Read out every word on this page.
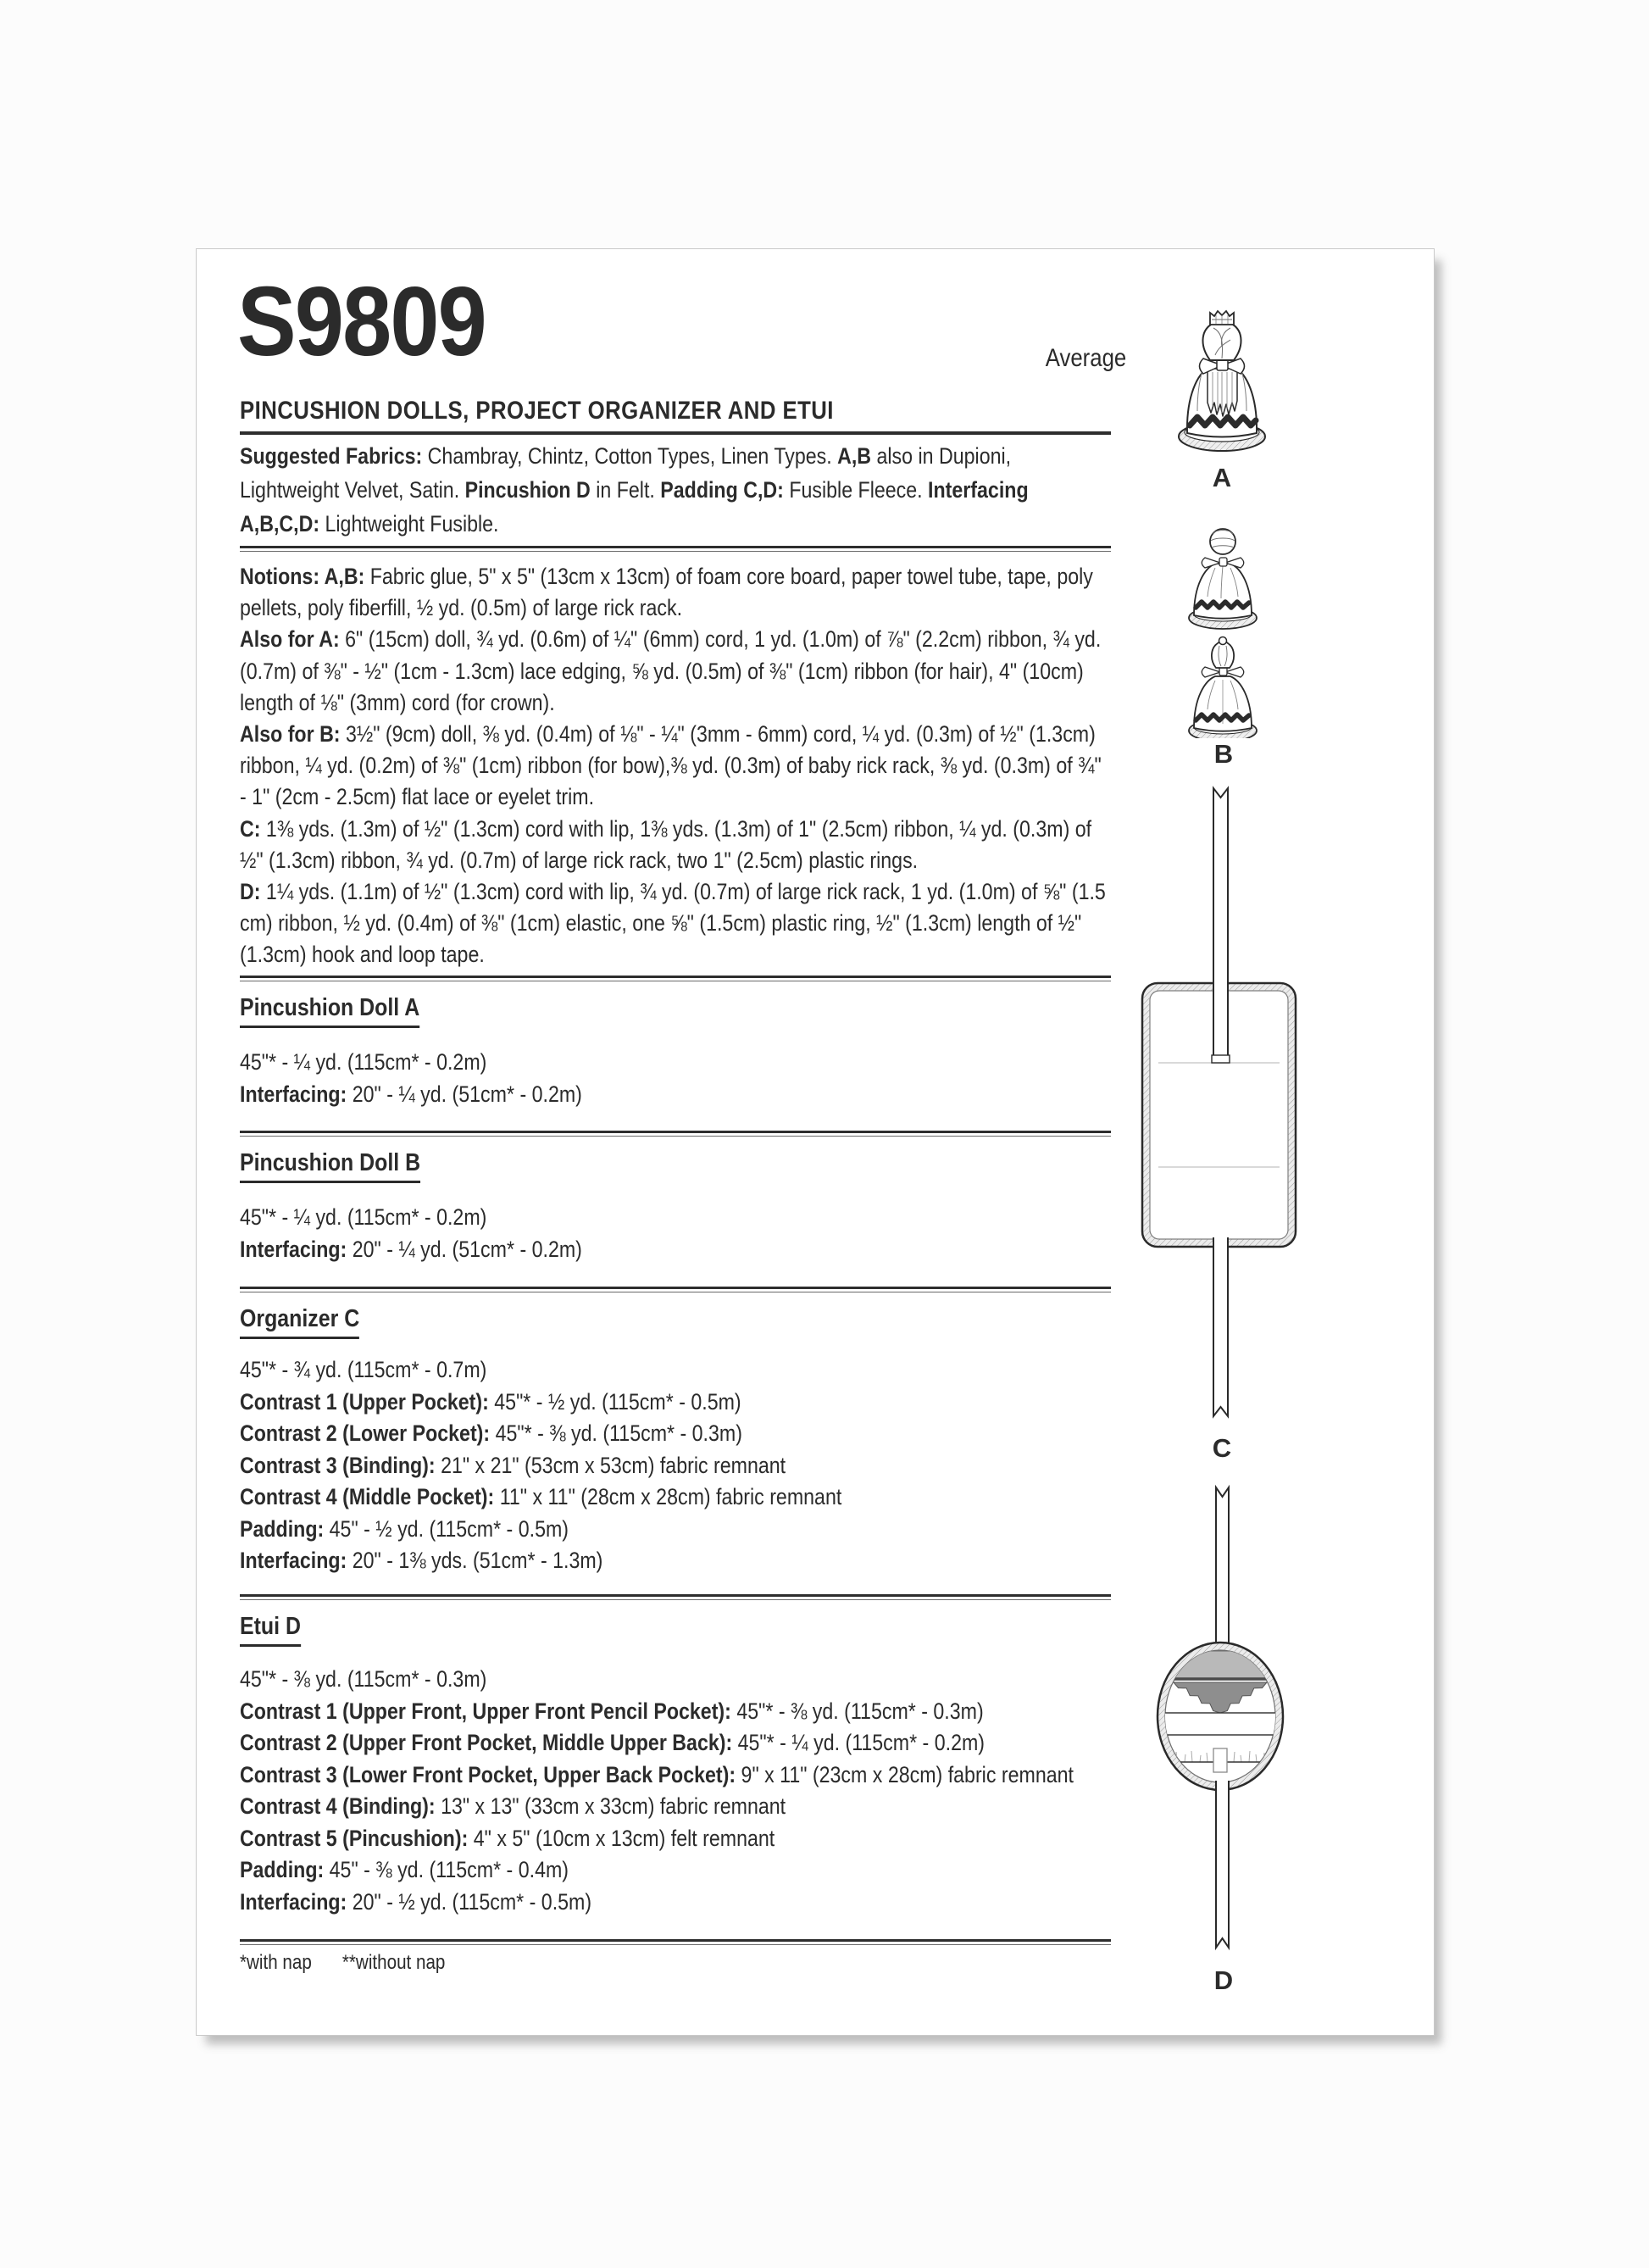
S9809	Average
PINCUSHION DOLLS, PROJECT ORGANIZER AND ETUI
Suggested Fabrics: Chambray, Chintz, Cotton Types, Linen Types. A,B also in Dupioni, Lightweight Velvet, Satin. Pincushion D in Felt. Padding C,D: Fusible Fleece. Interfacing A,B,C,D: Lightweight Fusible.
Notions: A,B: Fabric glue, 5" x 5" (13cm x 13cm) of foam core board, paper towel tube, tape, poly pellets, poly fiberfill, ½ yd. (0.5m) of large rick rack.
Also for A: 6" (15cm) doll, ¾ yd. (0.6m) of ¼" (6mm) cord, 1 yd. (1.0m) of ⅞" (2.2cm) ribbon, ¾ yd. (0.7m) of ⅜" - ½" (1cm - 1.3cm) lace edging, ⅝ yd. (0.5m) of ⅜" (1cm) ribbon (for hair), 4" (10cm) length of ⅛" (3mm) cord (for crown).
Also for B: 3½" (9cm) doll, ⅜ yd. (0.4m) of ⅛" - ¼" (3mm - 6mm) cord, ¼ yd. (0.3m) of ½" (1.3cm) ribbon, ¼ yd. (0.2m) of ⅜" (1cm) ribbon (for bow),⅜ yd. (0.3m) of baby rick rack, ⅜ yd. (0.3m) of ¾" - 1" (2cm - 2.5cm) flat lace or eyelet trim.
C: 1⅜ yds. (1.3m) of ½" (1.3cm) cord with lip, 1⅜ yds. (1.3m) of 1" (2.5cm) ribbon, ¼ yd. (0.3m) of ½" (1.3cm) ribbon, ¾ yd. (0.7m) of large rick rack, two 1" (2.5cm) plastic rings.
D: 1¼ yds. (1.1m) of ½" (1.3cm) cord with lip, ¾ yd. (0.7m) of large rick rack, 1 yd. (1.0m) of ⅝" (1.5 cm) ribbon, ½ yd. (0.4m) of ⅜" (1cm) elastic, one ⅝" (1.5cm) plastic ring, ½" (1.3cm) length of ½" (1.3cm) hook and loop tape.
Pincushion Doll A
45"* - ¼ yd. (115cm* - 0.2m)
Interfacing: 20" - ¼ yd. (51cm* - 0.2m)
Pincushion Doll B
45"* - ¼ yd. (115cm* - 0.2m)
Interfacing: 20" - ¼ yd. (51cm* - 0.2m)
Organizer C
45"* - ¾ yd. (115cm* - 0.7m)
Contrast 1 (Upper Pocket): 45"* - ½ yd. (115cm* - 0.5m)
Contrast 2 (Lower Pocket): 45"* - ⅜ yd. (115cm* - 0.3m)
Contrast 3 (Binding): 21" x 21" (53cm x 53cm) fabric remnant
Contrast 4 (Middle Pocket): 11" x 11" (28cm x 28cm) fabric remnant
Padding: 45" - ½ yd. (115cm* - 0.5m)
Interfacing: 20" - 1⅜ yds. (51cm* - 1.3m)
Etui D
45"* - ⅜ yd. (115cm* - 0.3m)
Contrast 1 (Upper Front, Upper Front Pencil Pocket): 45"* - ⅜ yd. (115cm* - 0.3m)
Contrast 2 (Upper Front Pocket, Middle Upper Back): 45"* - ¼ yd. (115cm* - 0.2m)
Contrast 3 (Lower Front Pocket, Upper Back Pocket): 9" x 11" (23cm x 28cm) fabric remnant
Contrast 4 (Binding): 13" x 13" (33cm x 33cm) fabric remnant
Contrast 5 (Pincushion): 4" x 5" (10cm x 13cm) felt remnant
Padding: 45" - ⅜ yd. (115cm* - 0.4m)
Interfacing: 20" - ½ yd. (115cm* - 0.5m)
*with nap **without nap
A
B
C
D
